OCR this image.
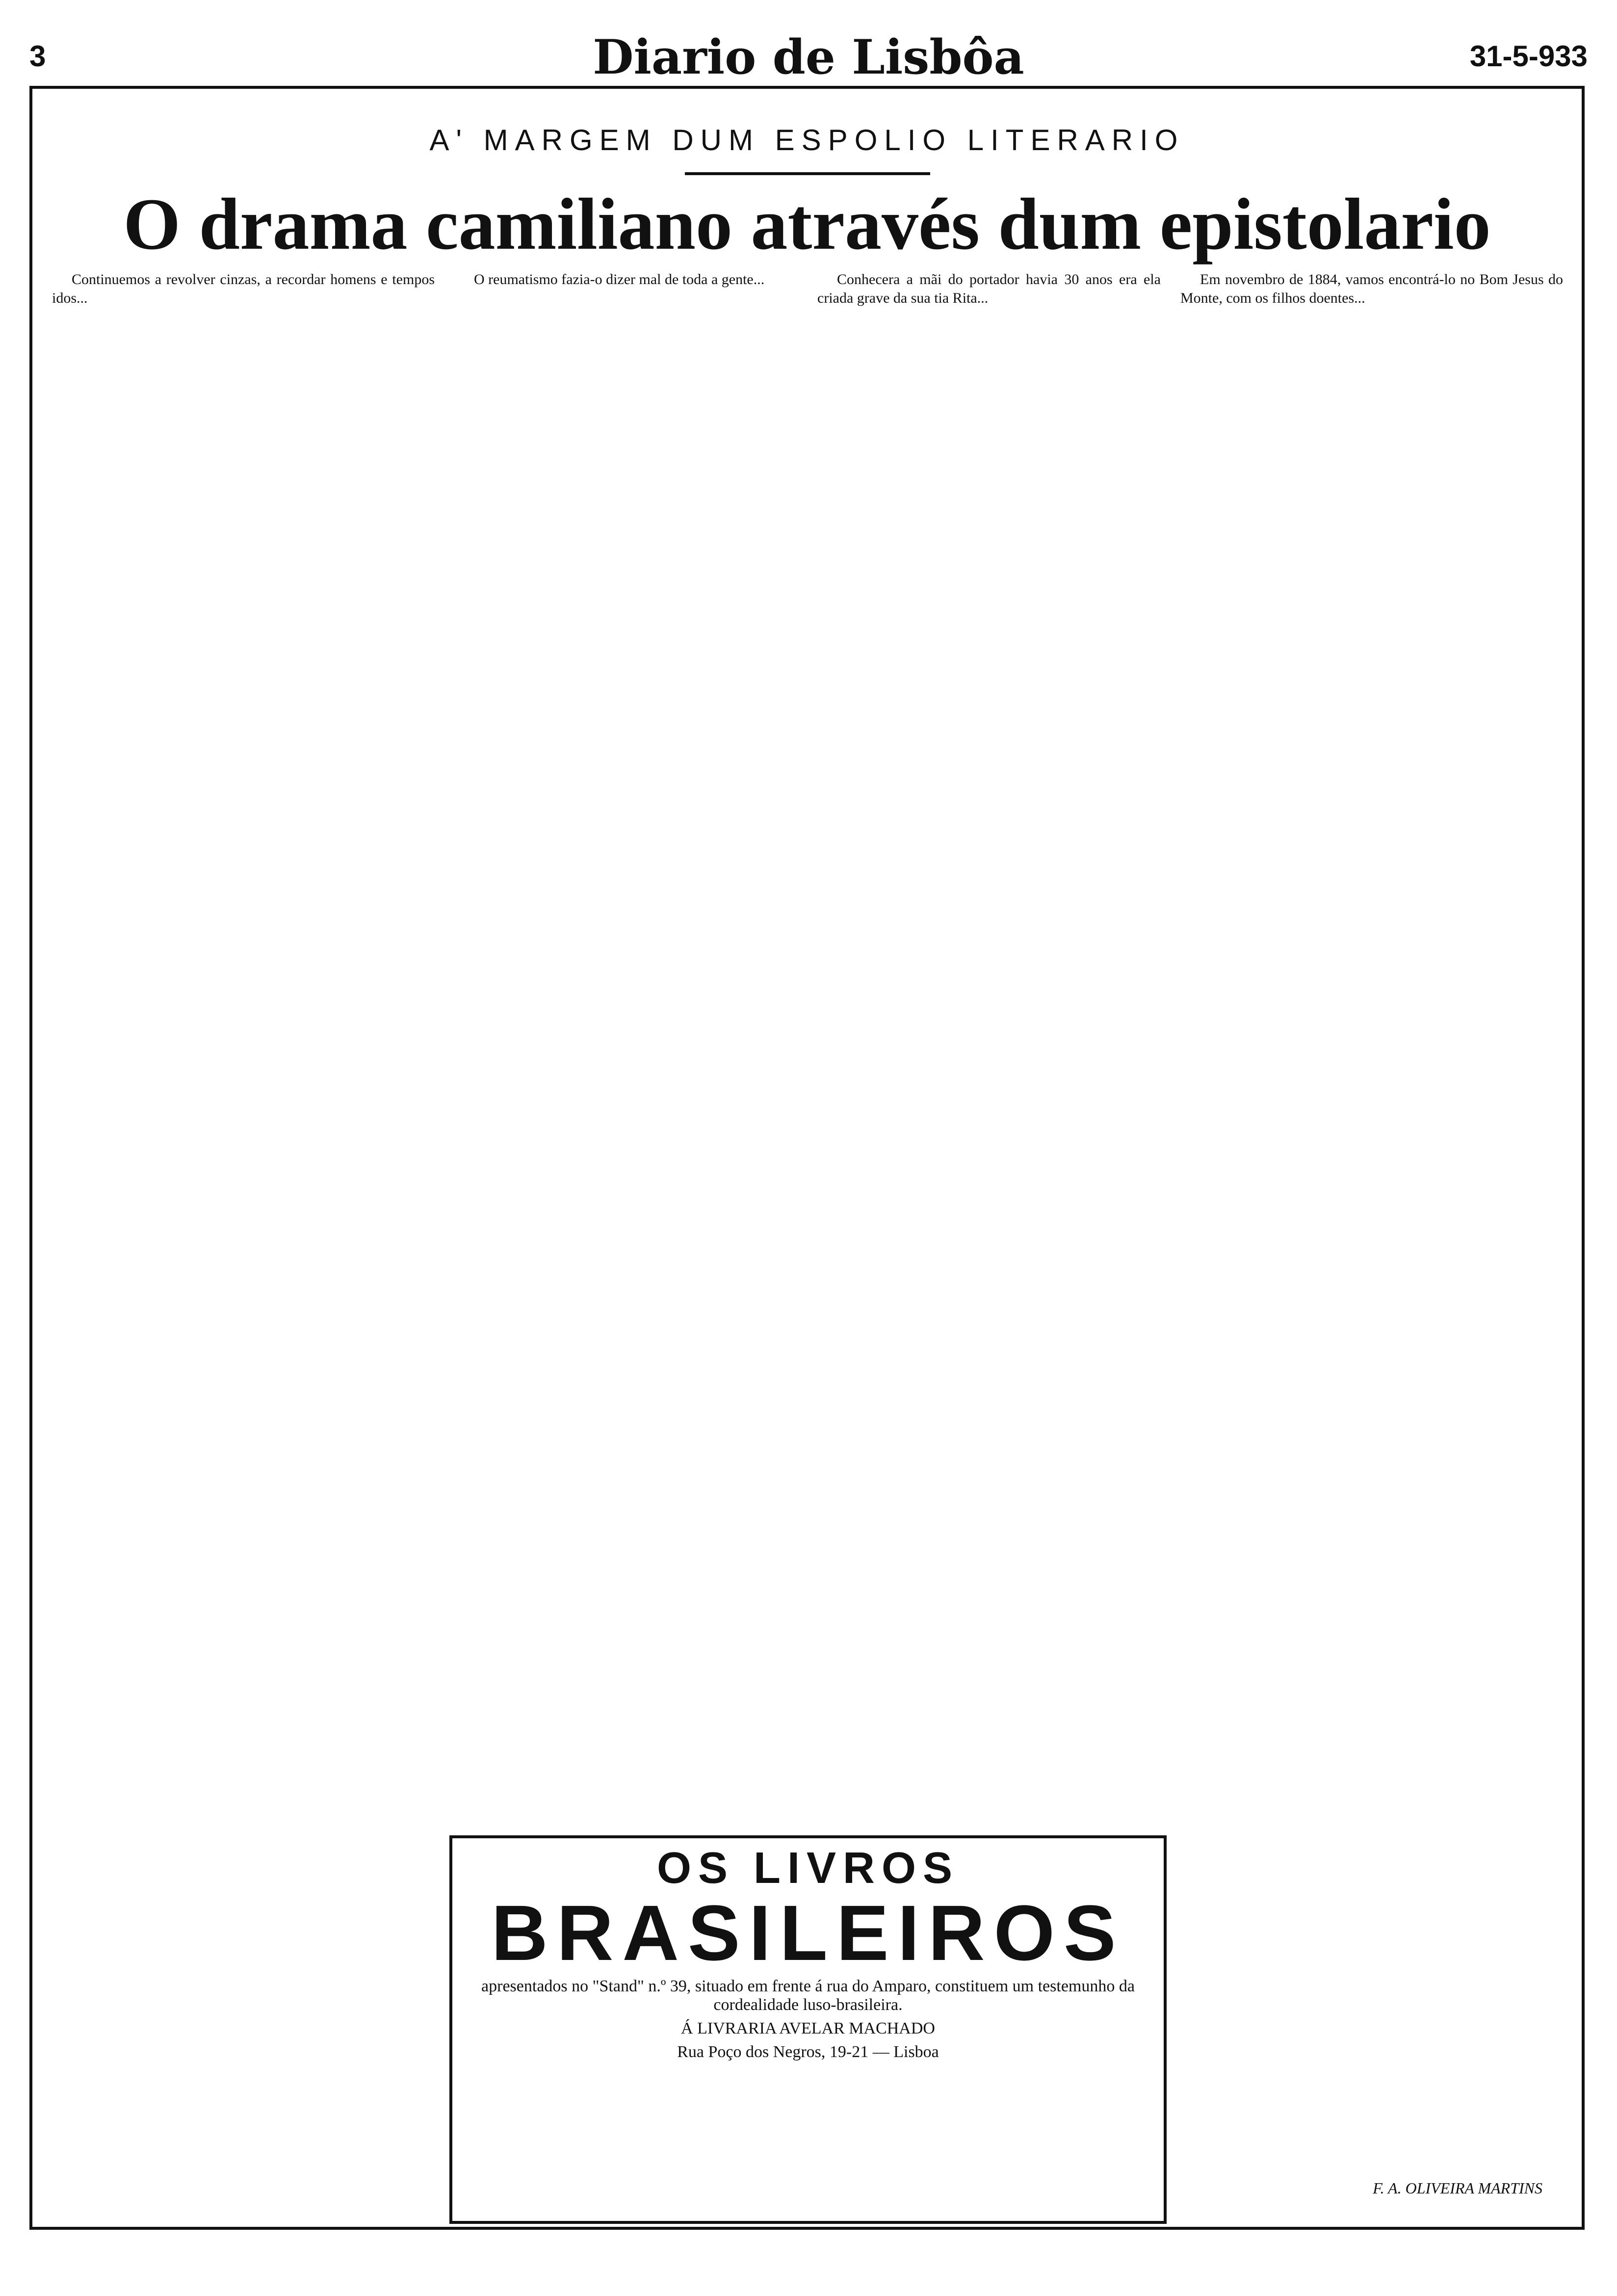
3	Diario de Lisbôa	31-5-933
A' MARGEM DUM ESPOLIO LITERARIO
O drama camiliano através dum epistolario

Continuemos a revolver cinzas, a recordar homens e tempos idos...

O reumatismo fazia-o dizer mal de toda a gente...	Conhecera a mãi do portador havia 30 anos era ela criada grave da sua tia Rita...

Em novembro de 1884, vamos encontrá-lo no Bom Jesus do Monte, com os filhos doentes...

OS LIVROS
BRASILEIROS

apresentados no "Stand" n.º 39, situado em frente á rua do Amparo, constituem um testemunho da cordealidade luso-brasileira.

Á LIVRARIA AVELAR MACHADO

Rua Poço dos Negros, 19-21 — Lisboa

F. A. OLIVEIRA MARTINS
